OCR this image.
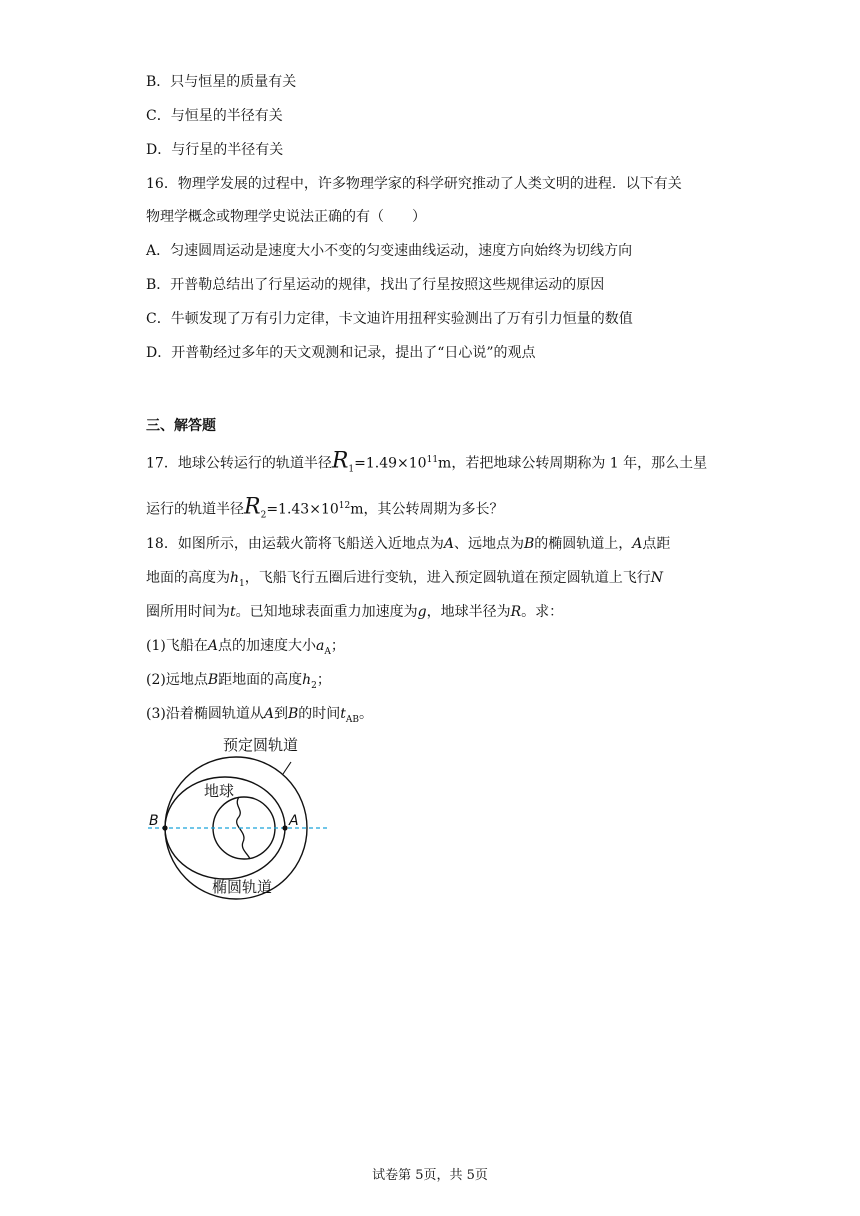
B．只与恒星的质量有关
C．与恒星的半径有关
D．与行星的半径有关
16．物理学发展的过程中，许多物理学家的科学研究推动了人类文明的进程．以下有关
物理学概念或物理学史说法正确的有（　　）
A．匀速圆周运动是速度大小不变的匀变速曲线运动，速度方向始终为切线方向
B．开普勒总结出了行星运动的规律，找出了行星按照这些规律运动的原因
C．牛顿发现了万有引力定律，卡文迪许用扭秤实验测出了万有引力恒量的数值
D．开普勒经过多年的天文观测和记录，提出了“日心说”的观点
三、解答题
17．地球公转运行的轨道半径$R_1=1.49\times 10^{11}m$，若把地球公转周期称为 1 年，那么土星
运行的轨道半径$R_2=1.43\times 10^{12}m$，其公转周期为多长？
18．如图所示，由运载火箭将飞船送入近地点为A、远地点为B的椭圆轨道上，A点距
地面的高度为$h_1$，飞船飞行五圈后进行变轨，进入预定圆轨道在预定圆轨道上飞行N
圈所用时间为t。已知地球表面重力加速度为g，地球半径为R。求：
(1)飞船在A点的加速度大小$a_A$；
(2)远地点B距地面的高度$h_2$；
(3)沿着椭圆轨道从A到B的时间$t_{AB}$。
预定圆轨道
地球
椭圆轨道
B	A
试卷第 5页，共 5页
